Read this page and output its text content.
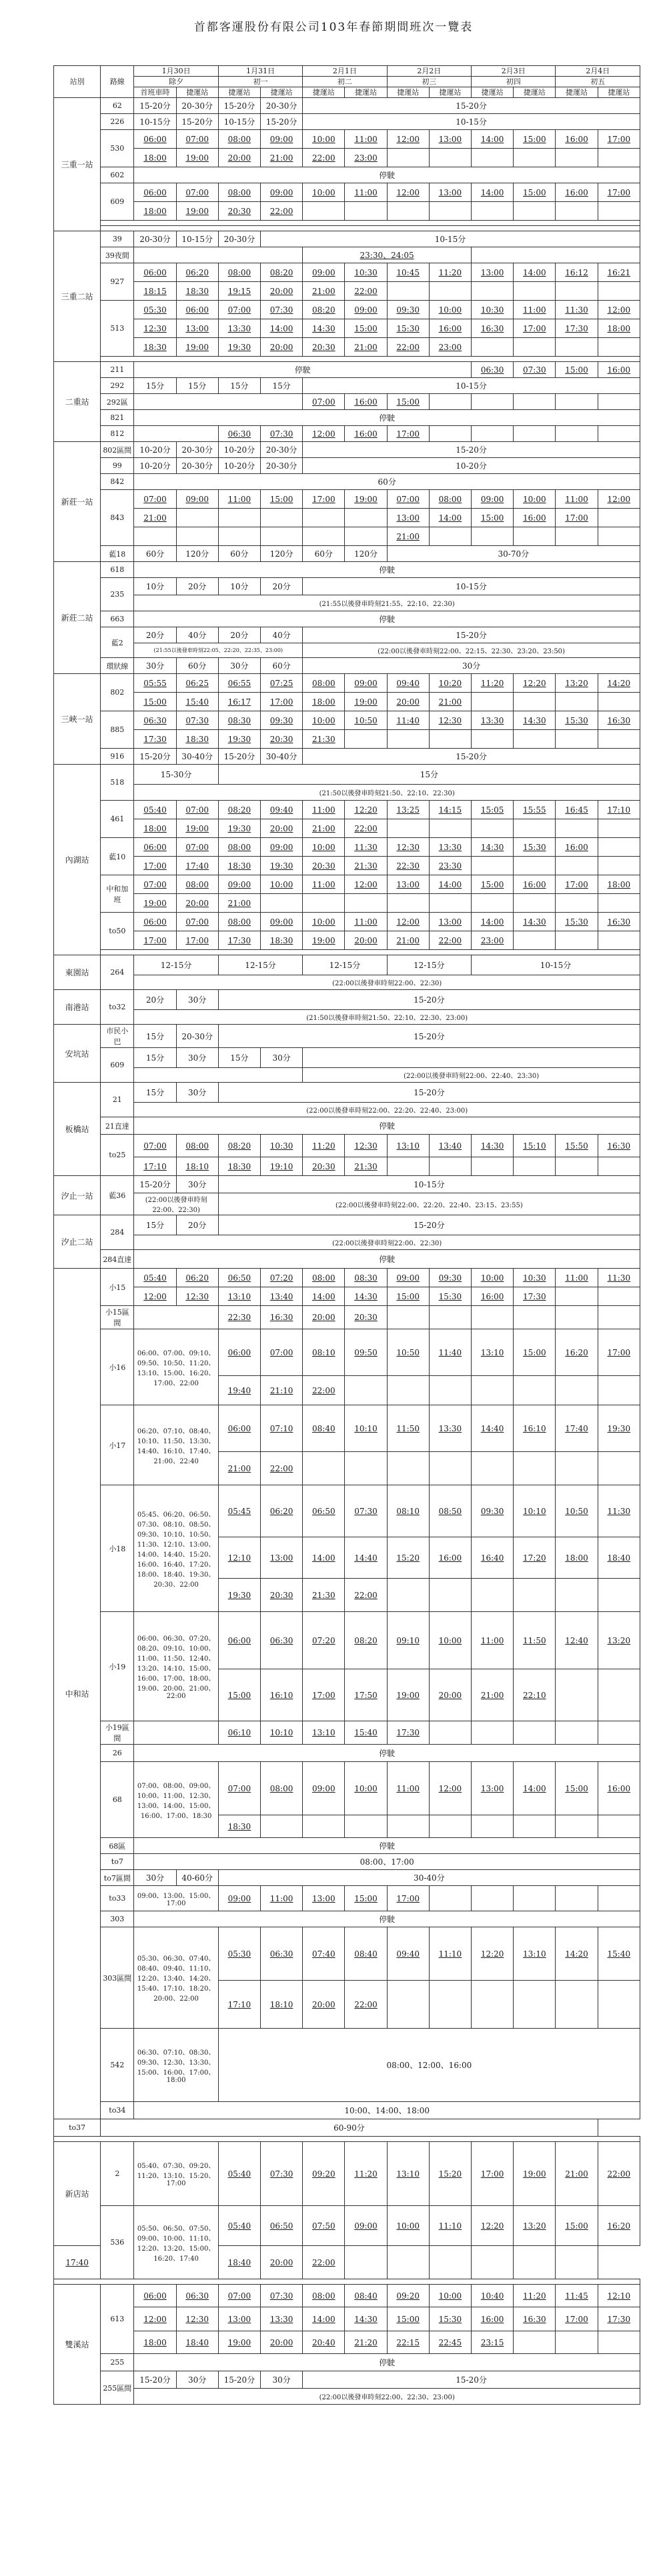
首都客運股份有限公司103年春節期間班次一覽表
站別	路線	1月30日		1月31日		2月1日		2月2日		2月3日		2月4日	
		除夕		初一		初二		初三		初四		初五	
		首班車時	捷運站	捷運站	捷運站	捷運站	捷運站	捷運站	捷運站	捷運站	捷運站	捷運站	捷運站
三重一站	62	15-20分	20-30分	15-20分	20-30分	15-20分							
	226	10-15分	15-20分	10-15分	15-20分	10-15分							
	530	06:00	07:00	08:00	09:00	10:00	11:00	12:00	13:00	14:00	15:00	16:00	17:00
		18:00	19:00	20:00	21:00	22:00	23:00						
	602	停駛											
	609	06:00	07:00	08:00	09:00	10:00	11:00	12:00	13:00	14:00	15:00	16:00	17:00
		18:00	19:00	20:30	22:00								

三重二站	39	20-30分	10-15分	20-30分	10-15分								
	39夜間					23:30、24:05							
	927	06:00	06:20	08:00	08:20	09:00	10:30	10:45	11:20	13:00	14:00	16:12	16:21
		18:15	18:30	19:15	20:00	21:00	22:00						
	513	05:30	06:00	07:00	07:30	08:20	09:00	09:30	10:00	10:30	11:00	11:30	12:00
		12:30	13:00	13:30	14:00	14:30	15:00	15:30	16:00	16:30	17:00	17:30	18:00
		18:30	19:00	19:30	20:00	20:30	21:00	22:00	23:00				

二重站	211	停駛								06:30	07:30	15:00	16:00
	292	15分	15分	15分	15分	10-15分							
	292區					07:00	16:00	15:00					
	821	停駛											
	812			06:30	07:30	12:00	16:00	17:00					
新莊一站	802區間	10-20分	20-30分	10-20分	20-30分	15-20分							
	99	10-20分	20-30分	10-20分	20-30分	10-20分							
	842	60分											
	843	07:00	09:00	11:00	15:00	17:00	19:00	07:00	08:00	09:00	10:00	11:00	12:00
		21:00						13:00	14:00	15:00	16:00	17:00	
								21:00					
	藍18	60分	120分	60分	120分	60分	120分	30-70分					
新莊二站	618	停駛											
	235	10分	20分	10分	20分	10-15分							
		(21:55以後發車時刻21:55、22:10、22:30)											
	663	停駛											
	藍2	20分	40分	20分	40分	15-20分							
		(21:55以後發車時刻22:05、22:20、22:35、23:00)				(22:00以後發車時刻22:00、22:15、22:30、23:20、23:50)							
	環狀線	30分	60分	30分	60分	30分							
三峽一站	802	05:55	06:25	06:55	07:25	08:00	09:00	09:40	10:20	11:20	12:20	13:20	14:20
		15:00	15:40	16:17	17:00	18:00	19:00	20:00	21:00				
	885	06:30	07:30	08:30	09:30	10:00	10:50	11:40	12:30	13:30	14:30	15:30	16:30
		17:30	18:30	19:30	20:30	21:30							
	916	15-20分	30-40分	15-20分	30-40分	15-20分							
內湖站	518	15-30分		15分									
		(21:50以後發車時刻21:50、22:10、22:30)											
	461	05:40	07:00	08:20	09:40	11:00	12:20	13:25	14:15	15:05	15:55	16:45	17:10
		18:00	19:00	19:30	20:00	21:00	22:00						
	藍10	06:00	07:00	08:00	09:00	10:00	11:30	12:30	13:30	14:30	15:30	16:00	
		17:00	17:40	18:30	19:30	20:30	21:30	22:30	23:30				
	中和加班	07:00	08:00	09:00	10:00	11:00	12:00	13:00	14:00	15:00	16:00	17:00	18:00
		19:00	20:00	21:00									
	to50	06:00	07:00	08:00	09:00	10:00	11:00	12:00	13:00	14:00	14:30	15:30	16:30
		17:00	17:00	17:30	18:30	19:00	20:00	21:00	22:00	23:00			

東園站	264	12-15分		12-15分		12-15分		12-15分		10-15分			
		(22:00以後發車時刻22:00、22:30)											
南港站	to32	20分	30分	15-20分									
		(21:50以後發車時刻21:50、22:10、22:30、23:00)											
安坑站	市民小巴	15分	20-30分	15-20分									
	609	15分	30分	15分	30分								
						(22:00以後發車時刻22:00、22:40、23:30)							
板橋站	21	15分	30分	15-20分									
		(22:00以後發車時刻22:00、22:20、22:40、23:00)											
	21直達	停駛											
	to25	07:00	08:00	08:20	10:30	11:20	12:30	13:10	13:40	14:30	15:10	15:50	16:30
		17:10	18:10	18:30	19:10	20:30	21:30						
汐止一站	藍36	15-20分	30分	10-15分									
		(22:00以後發車時刻22:00、22:30)		(22:00以後發車時刻22:00、22:20、22:40、23:15、23:55)									
汐止二站	284	15分	20分	15-20分									
		(22:00以後發車時刻22:00、22:30)											
	284直達	停駛											
中和站	小15	05:40	06:20	06:50	07:20	08:00	08:30	09:00	09:30	10:00	10:30	11:00	11:30
		12:00	12:30	13:10	13:40	14:00	14:30	15:00	15:30	16:00	17:30		
	小15區間			22:30	16:30	20:00	20:30						
	小16	06:00、07:00、09:10、09:50、10:50、11:20、13:10、15:00、16:20、17:00、22:00		06:00	07:00	08:10	09:50	10:50	11:40	13:10	15:00	16:20	17:00
				19:40	21:10	22:00							
	小17	06:20、07:10、08:40、10:10、11:50、13:30、14:40、16:10、17:40、21:00、22:40		06:00	07:10	08:40	10:10	11:50	13:30	14:40	16:10	17:40	19:30
				21:00	22:00								
	小18	05:45、06:20、06:50、07:30、08:10、08:50、09:30、10:10、10:50、11:30、12:10、13:00、14:00、14:40、15:20、16:00、16:40、17:20、18:00、18:40、19:30、20:30、22:00		05:45	06:20	06:50	07:30	08:10	08:50	09:30	10:10	10:50	11:30
				12:10	13:00	14:00	14:40	15:20	16:00	16:40	17:20	18:00	18:40
				19:30	20:30	21:30	22:00						
	小19	06:00、06:30、07:20、08:20、09:10、10:00、11:00、11:50、12:40、13:20、14:10、15:00、16:00、17:00、18:00、19:00、20:00、21:00、22:00		06:00	06:30	07:20	08:20	09:10	10:00	11:00	11:50	12:40	13:20
				15:00	16:10	17:00	17:50	19:00	20:00	21:00	22:10		
	小19區間			06:10	10:10	13:10	15:40	17:30					
	26	停駛											
	68	07:00、08:00、09:00、10:00、11:00、12:30、13:00、14:00、15:00、16:00、17:00、18:30		07:00	08:00	09:00	10:00	11:00	12:00	13:00	14:00	15:00	16:00
				18:30									
	68區	停駛											
	to7	08:00、17:00											
	to7區間	30分	40-60分	30-40分									
	to33	09:00、13:00、15:00、17:00		09:00	11:00	13:00	15:00	17:00					
	303	停駛											
	303區間	05:30、06:30、07:40、08:40、09:40、11:10、12:20、13:40、14:20、15:40、17:10、18:20、20:00、22:00		05:30	06:30	07:40	08:40	09:40	11:10	12:20	13:10	14:20	15:40
				17:10	18:10	20:00	22:00						
	542	06:30、07:10、08:30、09:30、12:30、13:30、15:00、16:00、17:00、18:00		08:00、12:00、16:00									
	to34	10:00、14:00、18:00											
to37	60-90分												

新店站	2	05:40、07:30、09:20、11:20、13:10、15:20、17:00		05:40	07:30	09:20	11:20	13:10	15:20	17:00	19:00	21:00	22:00
	536	05:50、06:50、07:50、09:00、10:00、11:10、12:20、13:20、15:00、16:20、17:40		05:40	06:50	07:50	09:00	10:00	11:10	12:20	13:20	15:00	16:20
17:40				18:40	20:00	22:00							

雙溪站	613	06:00	06:30	07:00	07:30	08:00	08:40	09:20	10:00	10:40	11:20	11:45	12:10
		12:00	12:30	13:00	13:30	14:00	14:30	15:00	15:30	16:00	16:30	17:00	17:30
		18:00	18:40	19:00	20:00	20:40	21:20	22:15	22:45	23:15			
	255	停駛											
	255區間	15-20分	30分	15-20分	30分	15-20分							
		(22:00以後發車時刻22:00、22:30、23:00)											
